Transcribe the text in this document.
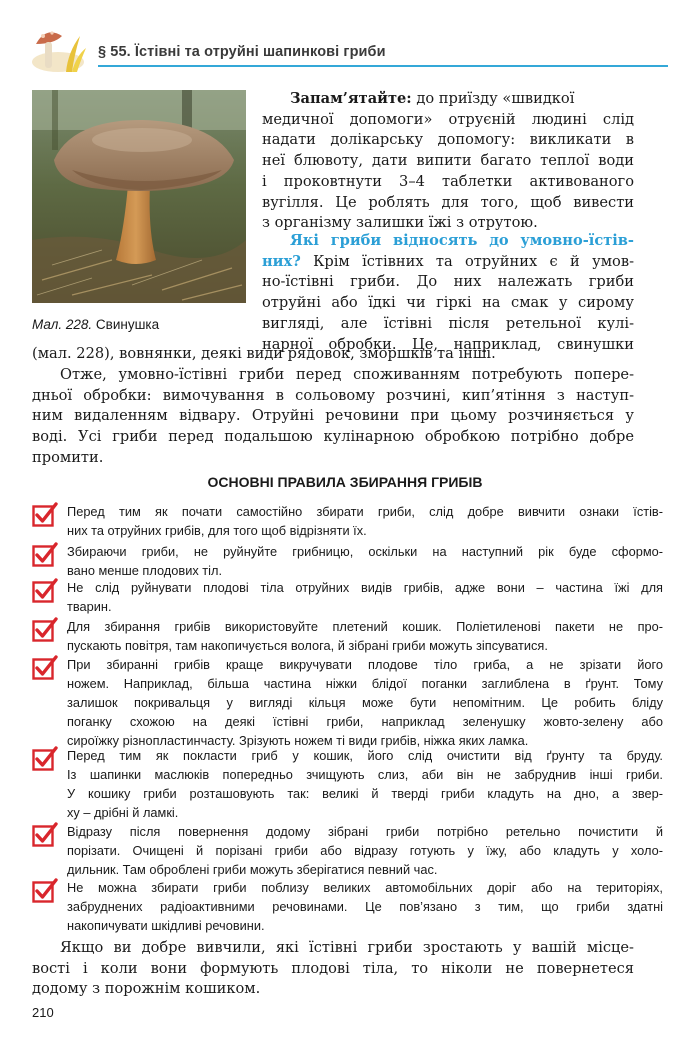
§ 55. Їстівні та отруйні шапинкові гриби
Мал. 228. Свинушка
Запам’ятайте: до приїзду «швидкої
медичної допомоги» отруєній людині слід
надати долікарську допомогу: викликати в
неї блювоту, дати випити багато теплої води
і проковтнути 3–4 таблетки активованого
вугілля. Це роблять для того, щоб вивести
з організму залишки їжі з отрутою.
Які гриби відносять до умовно-їстів-
них? Крім їстівних та отруйних є й умов-
но-їстівні гриби. До них належать гриби
отруйні або їдкі чи гіркі на смак у сирому
вигляді, але їстівні після ретельної кулі-
нарної обробки. Це, наприклад, свинушки
(мал. 228), вовнянки, деякі види рядовок, зморшків та інші.
Отже, умовно-їстівні гриби перед споживанням потребують попере-
дньої обробки: вимочування в сольовому розчині, кип’ятіння з наступ-
ним видаленням відвару. Отруйні речовини при цьому розчиняється у
воді. Усі гриби перед подальшою кулінарною обробкою потрібно добре
промити.
ОСНОВНІ ПРАВИЛА ЗБИРАННЯ ГРИБІВ
Перед тим як почати самостійно збирати гриби, слід добре вивчити ознаки їстів-
них та отруйних грибів, для того щоб відрізняти їх.
Збираючи гриби, не руйнуйте грибницю, оскільки на наступний рік буде сформо-
вано менше плодових тіл.
Не слід руйнувати плодові тіла отруйних видів грибів, адже вони – частина їжі для
тварин.
Для збирання грибів використовуйте плетений кошик. Поліетиленові пакети не про-
пускають повітря, там накопичується волога, й зібрані гриби можуть зіпсуватися.
При збиранні грибів краще викручувати плодове тіло гриба, а не зрізати його
ножем. Наприклад, більша частина ніжки блідої поганки заглиблена в ґрунт. Тому
залишок покривальця у вигляді кільця може бути непомітним. Це робить бліду
поганку схожою на деякі їстівні гриби, наприклад зеленушку жовто-зелену або
сироїжку різнопластинчасту. Зрізують ножем ті види грибів, ніжка яких ламка.
Перед тим як покласти гриб у кошик, його слід очистити від ґрунту та бруду.
Із шапинки маслюків попередньо зчищують слиз, аби він не забруднив інші гриби.
У кошику гриби розташовують так: великі й тверді гриби кладуть на дно, а звер-
ху – дрібні й ламкі.
Відразу після повернення додому зібрані гриби потрібно ретельно почистити й
порізати. Очищені й порізані гриби або відразу готують у їжу, або кладуть у холо-
дильник. Там оброблені гриби можуть зберігатися певний час.
Не можна збирати гриби поблизу великих автомобільних доріг або на територіях,
забруднених радіоактивними речовинами. Це пов’язано з тим, що гриби здатні
накопичувати шкідливі речовини.
Якщо ви добре вивчили, які їстівні гриби зростають у вашій місце-
вості і коли вони формують плодові тіла, то ніколи не повернетеся
додому з порожнім кошиком.
210
